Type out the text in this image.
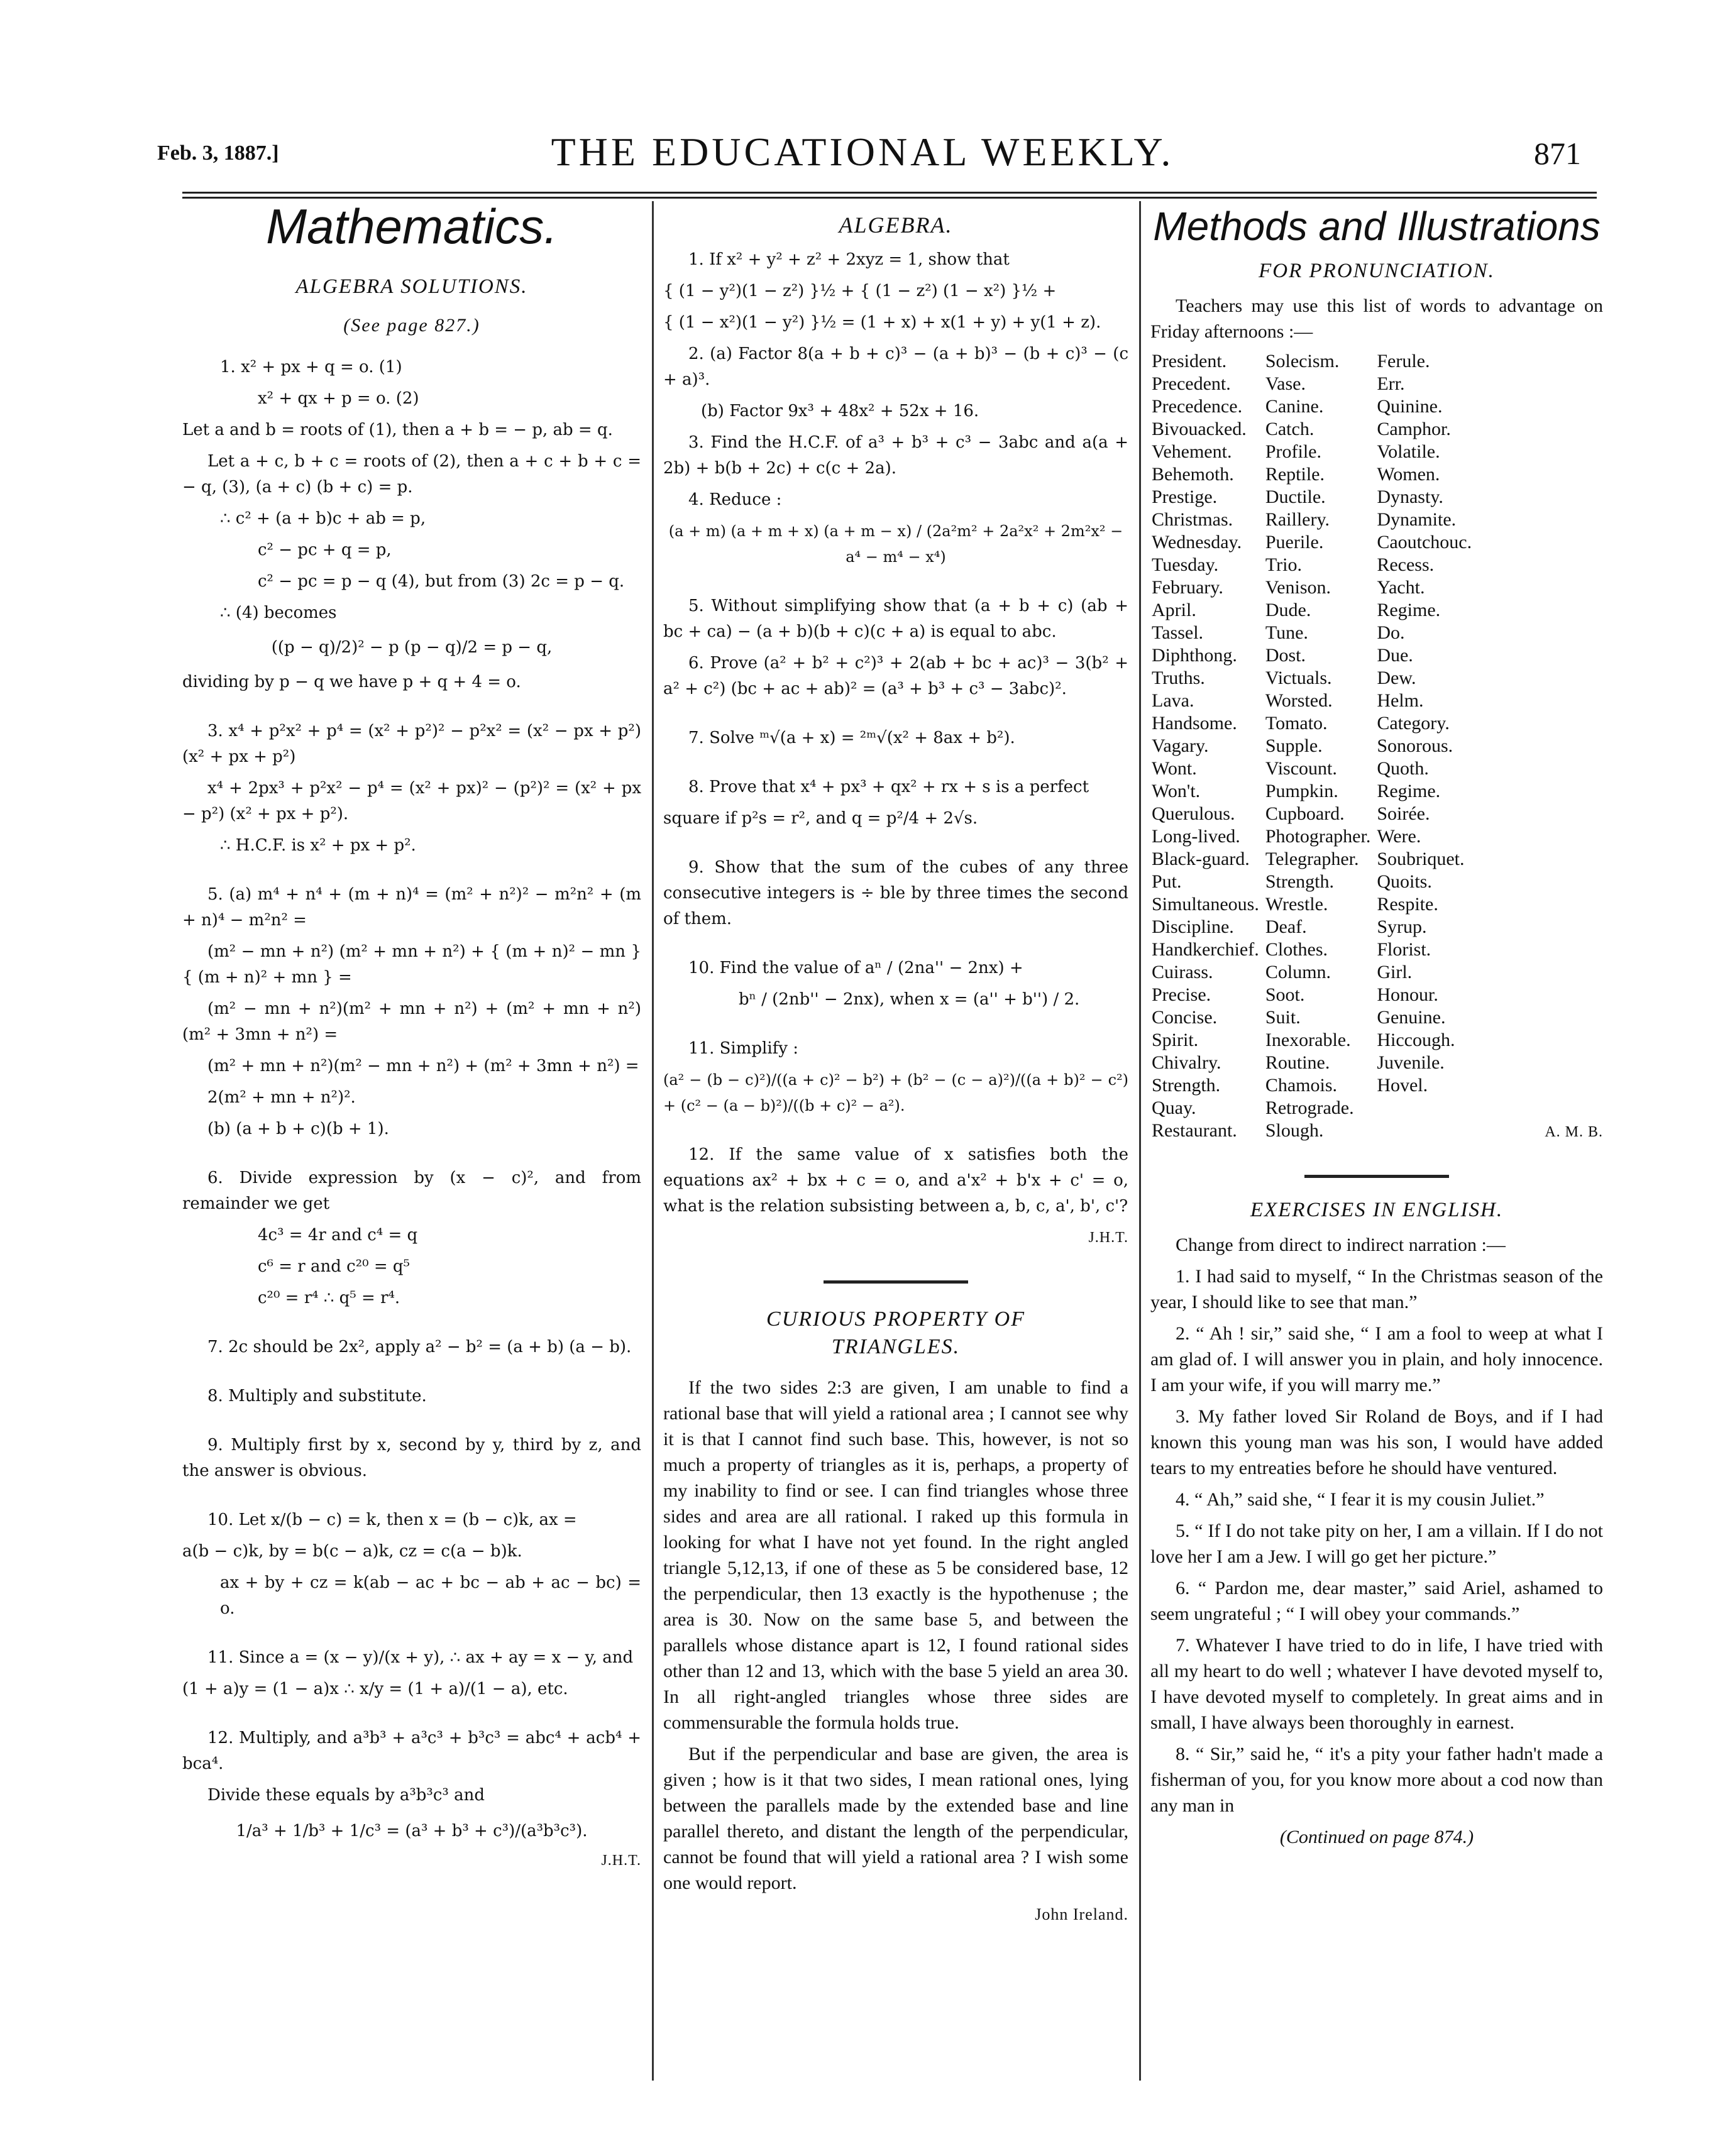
Feb. 3, 1887.]	THE EDUCATIONAL WEEKLY.	871
Mathematics.
ALGEBRA SOLUTIONS.
(See page 827.)
1. x² + px + q = o. (1)
x² + qx + p = o. (2)
Let a and b = roots of (1), then a + b = − p, ab = q.
Let a + c, b + c = roots of (2), then a + c + b + c = − q, (3), (a + c) (b + c) = p.
∴ c² + (a + b)c + ab = p,
c² − pc + q = p,
c² − pc = p − q (4), but from (3) 2c = p − q.
∴ (4) becomes
((p − q)/2)² − p (p − q)/2 = p − q,
dividing by p − q we have p + q + 4 = o.
3. x⁴ + p²x² + p⁴ = (x² + p²)² − p²x² = (x² − px + p²) (x² + px + p²)
x⁴ + 2px³ + p²x² − p⁴ = (x² + px)² − (p²)² = (x² + px − p²) (x² + px + p²).
∴ H.C.F. is x² + px + p².
5. (a) m⁴ + n⁴ + (m + n)⁴ = (m² + n²)² − m²n² + (m + n)⁴ − m²n² =
(m² − mn + n²) (m² + mn + n²) + { (m + n)² − mn } { (m + n)² + mn } =
(m² − mn + n²)(m² + mn + n²) + (m² + mn + n²) (m² + 3mn + n²) =
(m² + mn + n²)(m² − mn + n²) + (m² + 3mn + n²) =
2(m² + mn + n²)².
(b) (a + b + c)(b + 1).
6. Divide expression by (x − c)², and from remainder we get
4c³ = 4r and c⁴ = q
c⁶ = r and c²⁰ = q⁵
c²⁰ = r⁴ ∴ q⁵ = r⁴.
7. 2c should be 2x², apply a² − b² = (a + b) (a − b).
8. Multiply and substitute.
9. Multiply first by x, second by y, third by z, and the answer is obvious.
10. Let x/(b − c) = k, then x = (b − c)k, ax =
a(b − c)k, by = b(c − a)k, cz = c(a − b)k.
ax + by + cz = k(ab − ac + bc − ab + ac − bc) = o.
11. Since a = (x − y)/(x + y), ∴ ax + ay = x − y, and
(1 + a)y = (1 − a)x ∴ x/y = (1 + a)/(1 − a), etc.
12. Multiply, and a³b³ + a³c³ + b³c³ = abc⁴ + acb⁴ + bca⁴.
Divide these equals by a³b³c³ and
1/a³ + 1/b³ + 1/c³ = (a³ + b³ + c³)/(a³b³c³).
J.H.T.
ALGEBRA.
1. If x² + y² + z² + 2xyz = 1, show that
{ (1 − y²)(1 − z²) }½ + { (1 − z²) (1 − x²) }½ +
{ (1 − x²)(1 − y²) }½ = (1 + x) + x(1 + y) + y(1 + z).
2. (a) Factor 8(a + b + c)³ − (a + b)³ − (b + c)³ − (c + a)³.
(b) Factor 9x³ + 48x² + 52x + 16.
3. Find the H.C.F. of a³ + b³ + c³ − 3abc and a(a + 2b) + b(b + 2c) + c(c + 2a).
4. Reduce :
(a + m) (a + m + x) (a + m − x) / (2a²m² + 2a²x² + 2m²x² − a⁴ − m⁴ − x⁴)
5. Without simplifying show that (a + b + c) (ab + bc + ca) − (a + b)(b + c)(c + a) is equal to abc.
6. Prove (a² + b² + c²)³ + 2(ab + bc + ac)³ − 3(b² + a² + c²) (bc + ac + ab)² = (a³ + b³ + c³ − 3abc)².
7. Solve ᵐ√(a + x) = ²ᵐ√(x² + 8ax + b²).
8. Prove that x⁴ + px³ + qx² + rx + s is a perfect
square if p²s = r², and q = p²/4 + 2√s.
9. Show that the sum of the cubes of any three consecutive integers is ÷ ble by three times the second of them.
10. Find the value of aⁿ / (2na'' − 2nx) +
bⁿ / (2nb'' − 2nx), when x = (a'' + b'') / 2.
11. Simplify :
(a² − (b − c)²)/((a + c)² − b²) + (b² − (c − a)²)/((a + b)² − c²) + (c² − (a − b)²)/((b + c)² − a²).
12. If the same value of x satisfies both the equations ax² + bx + c = o, and a'x² + b'x + c' = o, what is the relation subsisting between a, b, c, a', b', c'?
J.H.T.
CURIOUS PROPERTY OF TRIANGLES.
If the two sides 2:3 are given, I am unable to find a rational base that will yield a rational area ; I cannot see why it is that I cannot find such base. This, however, is not so much a property of triangles as it is, perhaps, a property of my inability to find or see. I can find triangles whose three sides and area are all rational. I raked up this formula in looking for what I have not yet found. In the right angled triangle 5,12,13, if one of these as 5 be considered base, 12 the perpendicular, then 13 exactly is the hypothenuse ; the area is 30. Now on the same base 5, and between the parallels whose distance apart is 12, I found rational sides other than 12 and 13, which with the base 5 yield an area 30. In all right-angled triangles whose three sides are commensurable the formula holds true.
But if the perpendicular and base are given, the area is given ; how is it that two sides, I mean rational ones, lying between the parallels made by the extended base and line parallel thereto, and distant the length of the perpendicular, cannot be found that will yield a rational area ? I wish some one would report.
John Ireland.
Methods and Illustrations
FOR PRONUNCIATION.
Teachers may use this list of words to advantage on Friday afternoons :—
President.	Solecism.	Ferule.
Precedent.	Vase.	Err.
Precedence.	Canine.	Quinine.
Bivouacked.	Catch.	Camphor.
Vehement.	Profile.	Volatile.
Behemoth.	Reptile.	Women.
Prestige.	Ductile.	Dynasty.
Christmas.	Raillery.	Dynamite.
Wednesday.	Puerile.	Caoutchouc.
Tuesday.	Trio.	Recess.
February.	Venison.	Yacht.
April.	Dude.	Regime.
Tassel.	Tune.	Do.
Diphthong.	Dost.	Due.
Truths.	Victuals.	Dew.
Lava.	Worsted.	Helm.
Handsome.	Tomato.	Category.
Vagary.	Supple.	Sonorous.
Wont.	Viscount.	Quoth.
Won't.	Pumpkin.	Regime.
Querulous.	Cupboard.	Soirée.
Long-lived.	Photographer.	Were.
Black-guard.	Telegrapher.	Soubriquet.
Put.	Strength.	Quoits.
Simultaneous.	Wrestle.	Respite.
Discipline.	Deaf.	Syrup.
Handkerchief.	Clothes.	Florist.
Cuirass.	Column.	Girl.
Precise.	Soot.	Honour.
Concise.	Suit.	Genuine.
Spirit.	Inexorable.	Hiccough.
Chivalry.	Routine.	Juvenile.
Strength.	Chamois.	Hovel.
Quay.	Retrograde.	
Restaurant.	Slough.		A. M. B.
EXERCISES IN ENGLISH.
Change from direct to indirect narration :—
1. I had said to myself, “ In the Christmas season of the year, I should like to see that man.”
2. “ Ah ! sir,” said she, “ I am a fool to weep at what I am glad of. I will answer you in plain, and holy innocence. I am your wife, if you will marry me.”
3. My father loved Sir Roland de Boys, and if I had known this young man was his son, I would have added tears to my entreaties before he should have ventured.
4. “ Ah,” said she, “ I fear it is my cousin Juliet.”
5. “ If I do not take pity on her, I am a villain. If I do not love her I am a Jew. I will go get her picture.”
6. “ Pardon me, dear master,” said Ariel, ashamed to seem ungrateful ; “ I will obey your commands.”
7. Whatever I have tried to do in life, I have tried with all my heart to do well ; whatever I have devoted myself to, I have devoted myself to completely. In great aims and in small, I have always been thoroughly in earnest.
8. “ Sir,” said he, “ it's a pity your father hadn't made a fisherman of you, for you know more about a cod now than any man in
(Continued on page 874.)
